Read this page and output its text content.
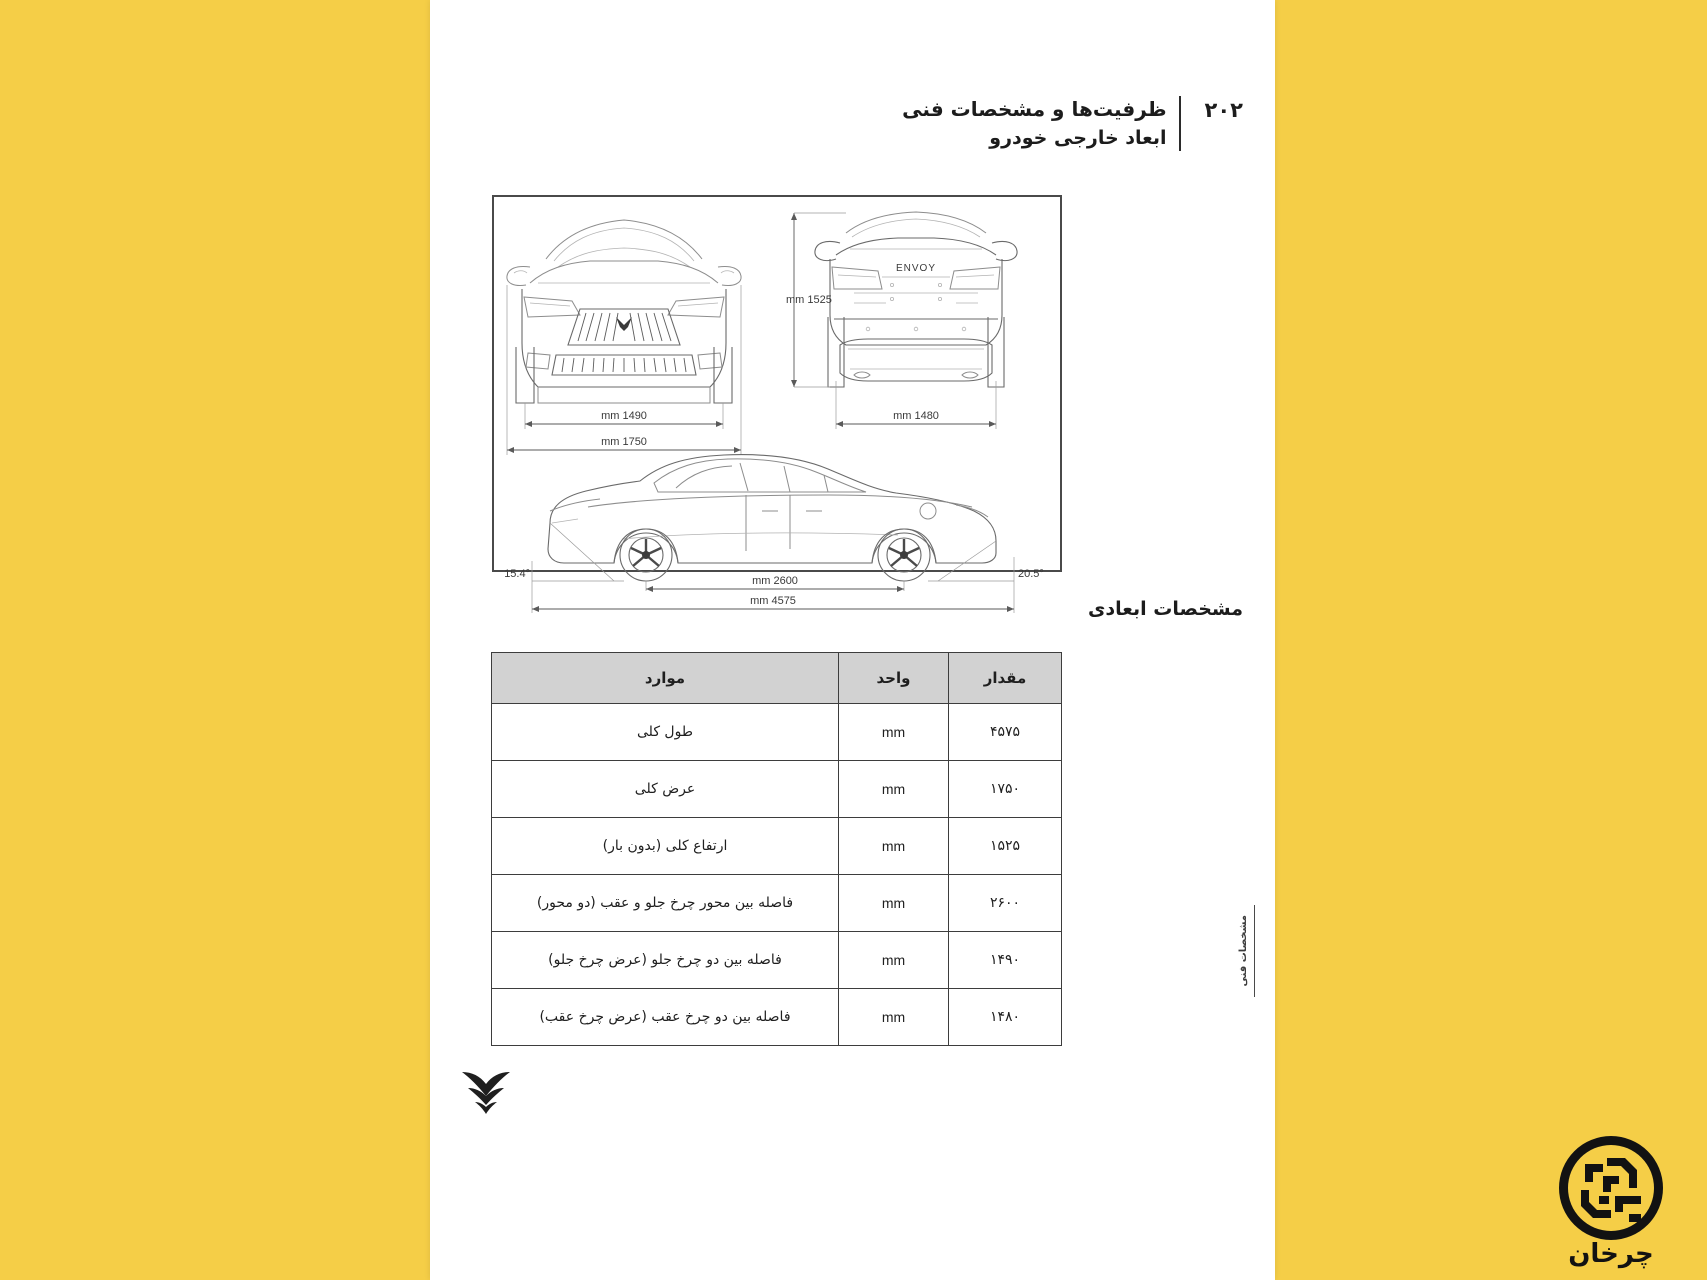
۲۰۲
ظرفیت‌ها و مشخصات فنی
ابعاد خارجی خودرو
1490 mm
1750 mm
ENVOY
1525 mm
1480 mm
15.4°	20.5°
2600 mm
4575 mm	مشخصات ابعادی
مقدار	واحد	موارد
۴۵۷۵	mm	طول کلی
۱۷۵۰	mm	عرض کلی
۱۵۲۵	mm	ارتفاع کلی (بدون بار)
۲۶۰۰	mm	فاصله بین محور چرخ جلو و عقب (دو محور)
۱۴۹۰	mm	فاصله بین دو چرخ جلو (عرض چرخ جلو)
۱۴۸۰	mm	فاصله بین دو چرخ عقب (عرض چرخ عقب)
مشخصات فنی
چرخان
